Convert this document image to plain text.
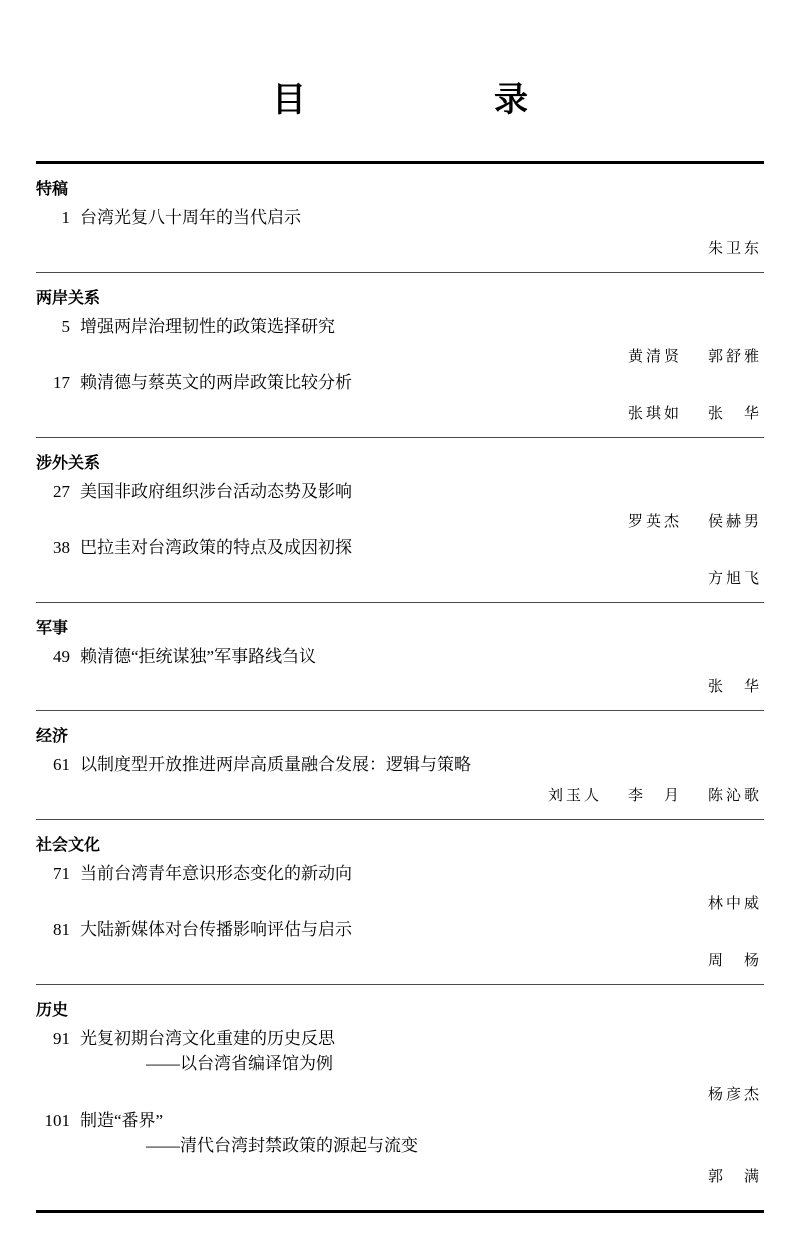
目　　录
特稿
1 台湾光复八十周年的当代启示
朱卫东
两岸关系
5 增强两岸治理韧性的政策选择研究
黄清贤 郭舒雅
17 赖清德与蔡英文的两岸政策比较分析
张琪如 张　华
涉外关系
27 美国非政府组织涉台活动态势及影响
罗英杰 侯赫男
38 巴拉圭对台湾政策的特点及成因初探
方旭飞
军事
49 赖清德“拒统谋独”军事路线刍议
张　华
经济
61 以制度型开放推进两岸高质量融合发展：逻辑与策略
刘玉人 李　月 陈沁歌
社会文化
71 当前台湾青年意识形态变化的新动向
林中威
81 大陆新媒体对台传播影响评估与启示
周　杨
历史
91 光复初期台湾文化重建的历史反思
——以台湾省编译馆为例
杨彦杰
101 制造“番界”
——清代台湾封禁政策的源起与流变
郭　满
